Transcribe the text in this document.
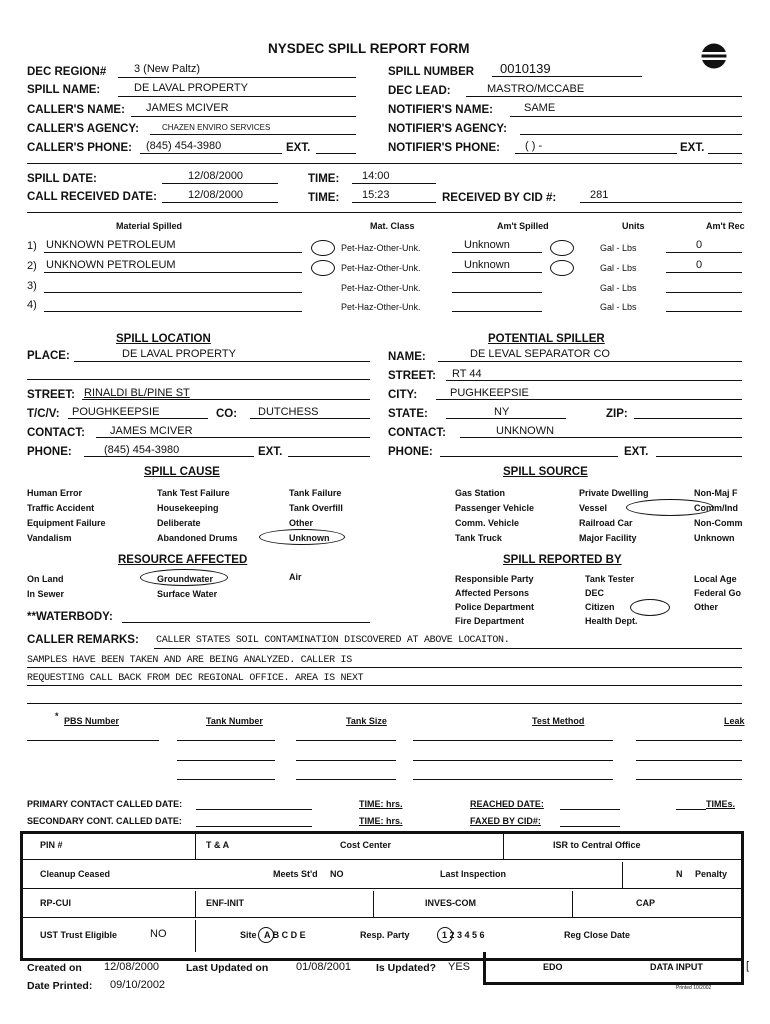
NYSDEC SPILL REPORT FORM
DEC REGION#	3 (New Paltz)	SPILL NUMBER 0010139
SPILL NAME:	DE LAVAL PROPERTY	DEC LEAD:	MASTRO/MCCABE
CALLER'S NAME: JAMES MCIVER	NOTIFIER'S NAME:	SAME
CALLER'S AGENCY:	CHAZEN ENVIRO SERVICES	NOTIFIER'S AGENCY:
CALLER'S PHONE: (845) 454-3980	EXT.	NOTIFIER'S PHONE: ( ) -	EXT.
SPILL DATE:	12/08/2000	TIME: 14:00
CALL RECEIVED DATE:	12/08/2000	TIME: 15:23	RECEIVED BY CID #:	281
Material Spilled	Mat. Class	Am't Spilled	Units	Am't Rec
1) UNKNOWN PETROLEUM	Pet-Haz-Other-Unk.	Unknown	Gal - Lbs	0
2) UNKNOWN PETROLEUM	Pet-Haz-Other-Unk.	Unknown	Gal - Lbs	0
3)	Pet-Haz-Other-Unk.	Gal - Lbs
4)	Pet-Haz-Other-Unk.	Gal - Lbs
SPILL LOCATION	POTENTIAL SPILLER
PLACE:	DE LAVAL PROPERTY	NAME:	DE LEVAL SEPARATOR CO
STREET: RT 44
STREET: RINALDI BL/PINE ST	CITY:	PUGHKEEPSIE
T/C/V: POUGHKEEPSIE	CO: DUTCHESS	STATE:	NY	ZIP:
CONTACT: JAMES MCIVER	CONTACT:	UNKNOWN
PHONE:	(845) 454-3980	EXT.	PHONE:	EXT.
SPILL CAUSE
Human Error
Traffic Accident
Equipment Failure
Vandalism
Tank Test Failure
Housekeeping
Deliberate
Abandoned Drums
Tank Failure
Tank Overfill
Other
Unknown
SPILL SOURCE
Gas Station
Passenger Vehicle
Comm. Vehicle
Tank Truck
Private Dwelling
Vessel
Railroad Car
Major Facility
Non-Maj F
Comm/Ind
Non-Comm
Unknown
RESOURCE AFFECTED
On Land
In Sewer
Groundwater
Surface Water
Air
**WATERBODY:
SPILL REPORTED BY
Responsible Party
Affected Persons
Police Department
Fire Department
Tank Tester
DEC
Citizen
Health Dept.
Local Age
Federal Go
Other
CALLER REMARKS: CALLER STATES SOIL CONTAMINATION DISCOVERED AT ABOVE LOCAITON.
SAMPLES HAVE BEEN TAKEN AND ARE BEING ANALYZED. CALLER IS
REQUESTING CALL BACK FROM DEC REGIONAL OFFICE. AREA IS NEXT
* PBS Number	Tank Number	Tank Size	Test Method	Leak
PRIMARY CONTACT CALLED DATE:	TIME: hrs.	REACHED DATE:	TIMEs.
SECONDARY CONT. CALLED DATE:	TIME: hrs.	FAXED BY CID#:
PIN #	T & A	Cost Center	ISR to Central Office
Cleanup Ceased	Meets St'd NO	Last Inspection	N Penalty
RP-CUI	ENF-INIT	INVES-COM	CAP
UST Trust Eligible	NO	Site A B C D E	Resp. Party	1 2 3 4 5 6	Reg Close Date
Created on 12/08/2000	Last Updated on	01/08/2001 Is Updated? YES	EDO	DATA INPUT	[
Date Printed: 09/10/2002	Printed 10/2002
